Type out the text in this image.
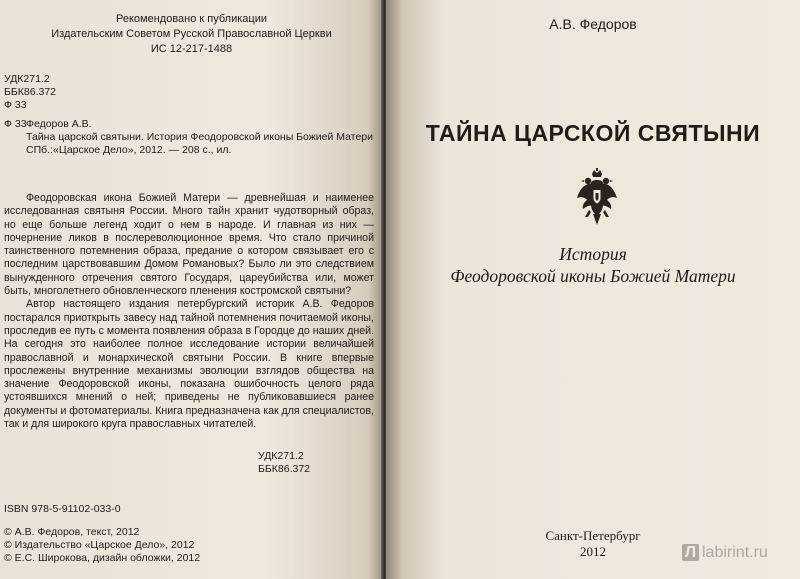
Рекомендовано к публикации
Издательским Советом Русской Православной Церкви
ИС 12-217-1488
УДК271.2
ББК86.372
Ф 33
Ф 33 Федоров А.В.
Тайна царской святыни. История Феодоровской иконы Божией Матери
СПб.:«Царское Дело», 2012. — 208 с., ил.

Феодоровская икона Божией Матери — древнейшая и наименее исследованная святыня России. Много тайн хранит чудотворный образ, но еще больше легенд ходит о нем в народе. И главная из них — почернение ликов в послереволюционное время. Что стало причиной таинственного потемнения образа, предание о котором связывает его с последним царствовавшим Домом Романовых? Было ли это следствием вынужденного отречения святого Государя, цареубийства или, может быть, многолетнего обновленческого пленения костромской святыни?

Автор настоящего издания петербургский историк А.В. Федоров постарался приоткрыть завесу над тайной потемнения почитаемой иконы, проследив ее путь с момента появления образа в Городце до наших дней. На сегодня это наиболее полное исследование истории величайшей православной и монархической святыни России. В книге впервые прослежены внутренние механизмы эволюции взглядов общества на значение Феодоровской иконы, показана ошибочность целого ряда устоявшихся мнений о ней; приведены не публиковавшиеся ранее документы и фотоматериалы. Книга предназначена как для специалистов, так и для широкого круга православных читателей.

УДК271.2
ББК86.372
ISBN 978-5-91102-033-0
© А.В. Федоров, текст, 2012
© Издательство «Царское Дело», 2012
© Е.С. Широкова, дизайн обложки, 2012
А.В. Федоров
ТАЙНА ЦАРСКОЙ СВЯТЫНИ
История
Феодоровской иконы Божией Матери
Санкт-Петербург
2012	Л labirint.ru
